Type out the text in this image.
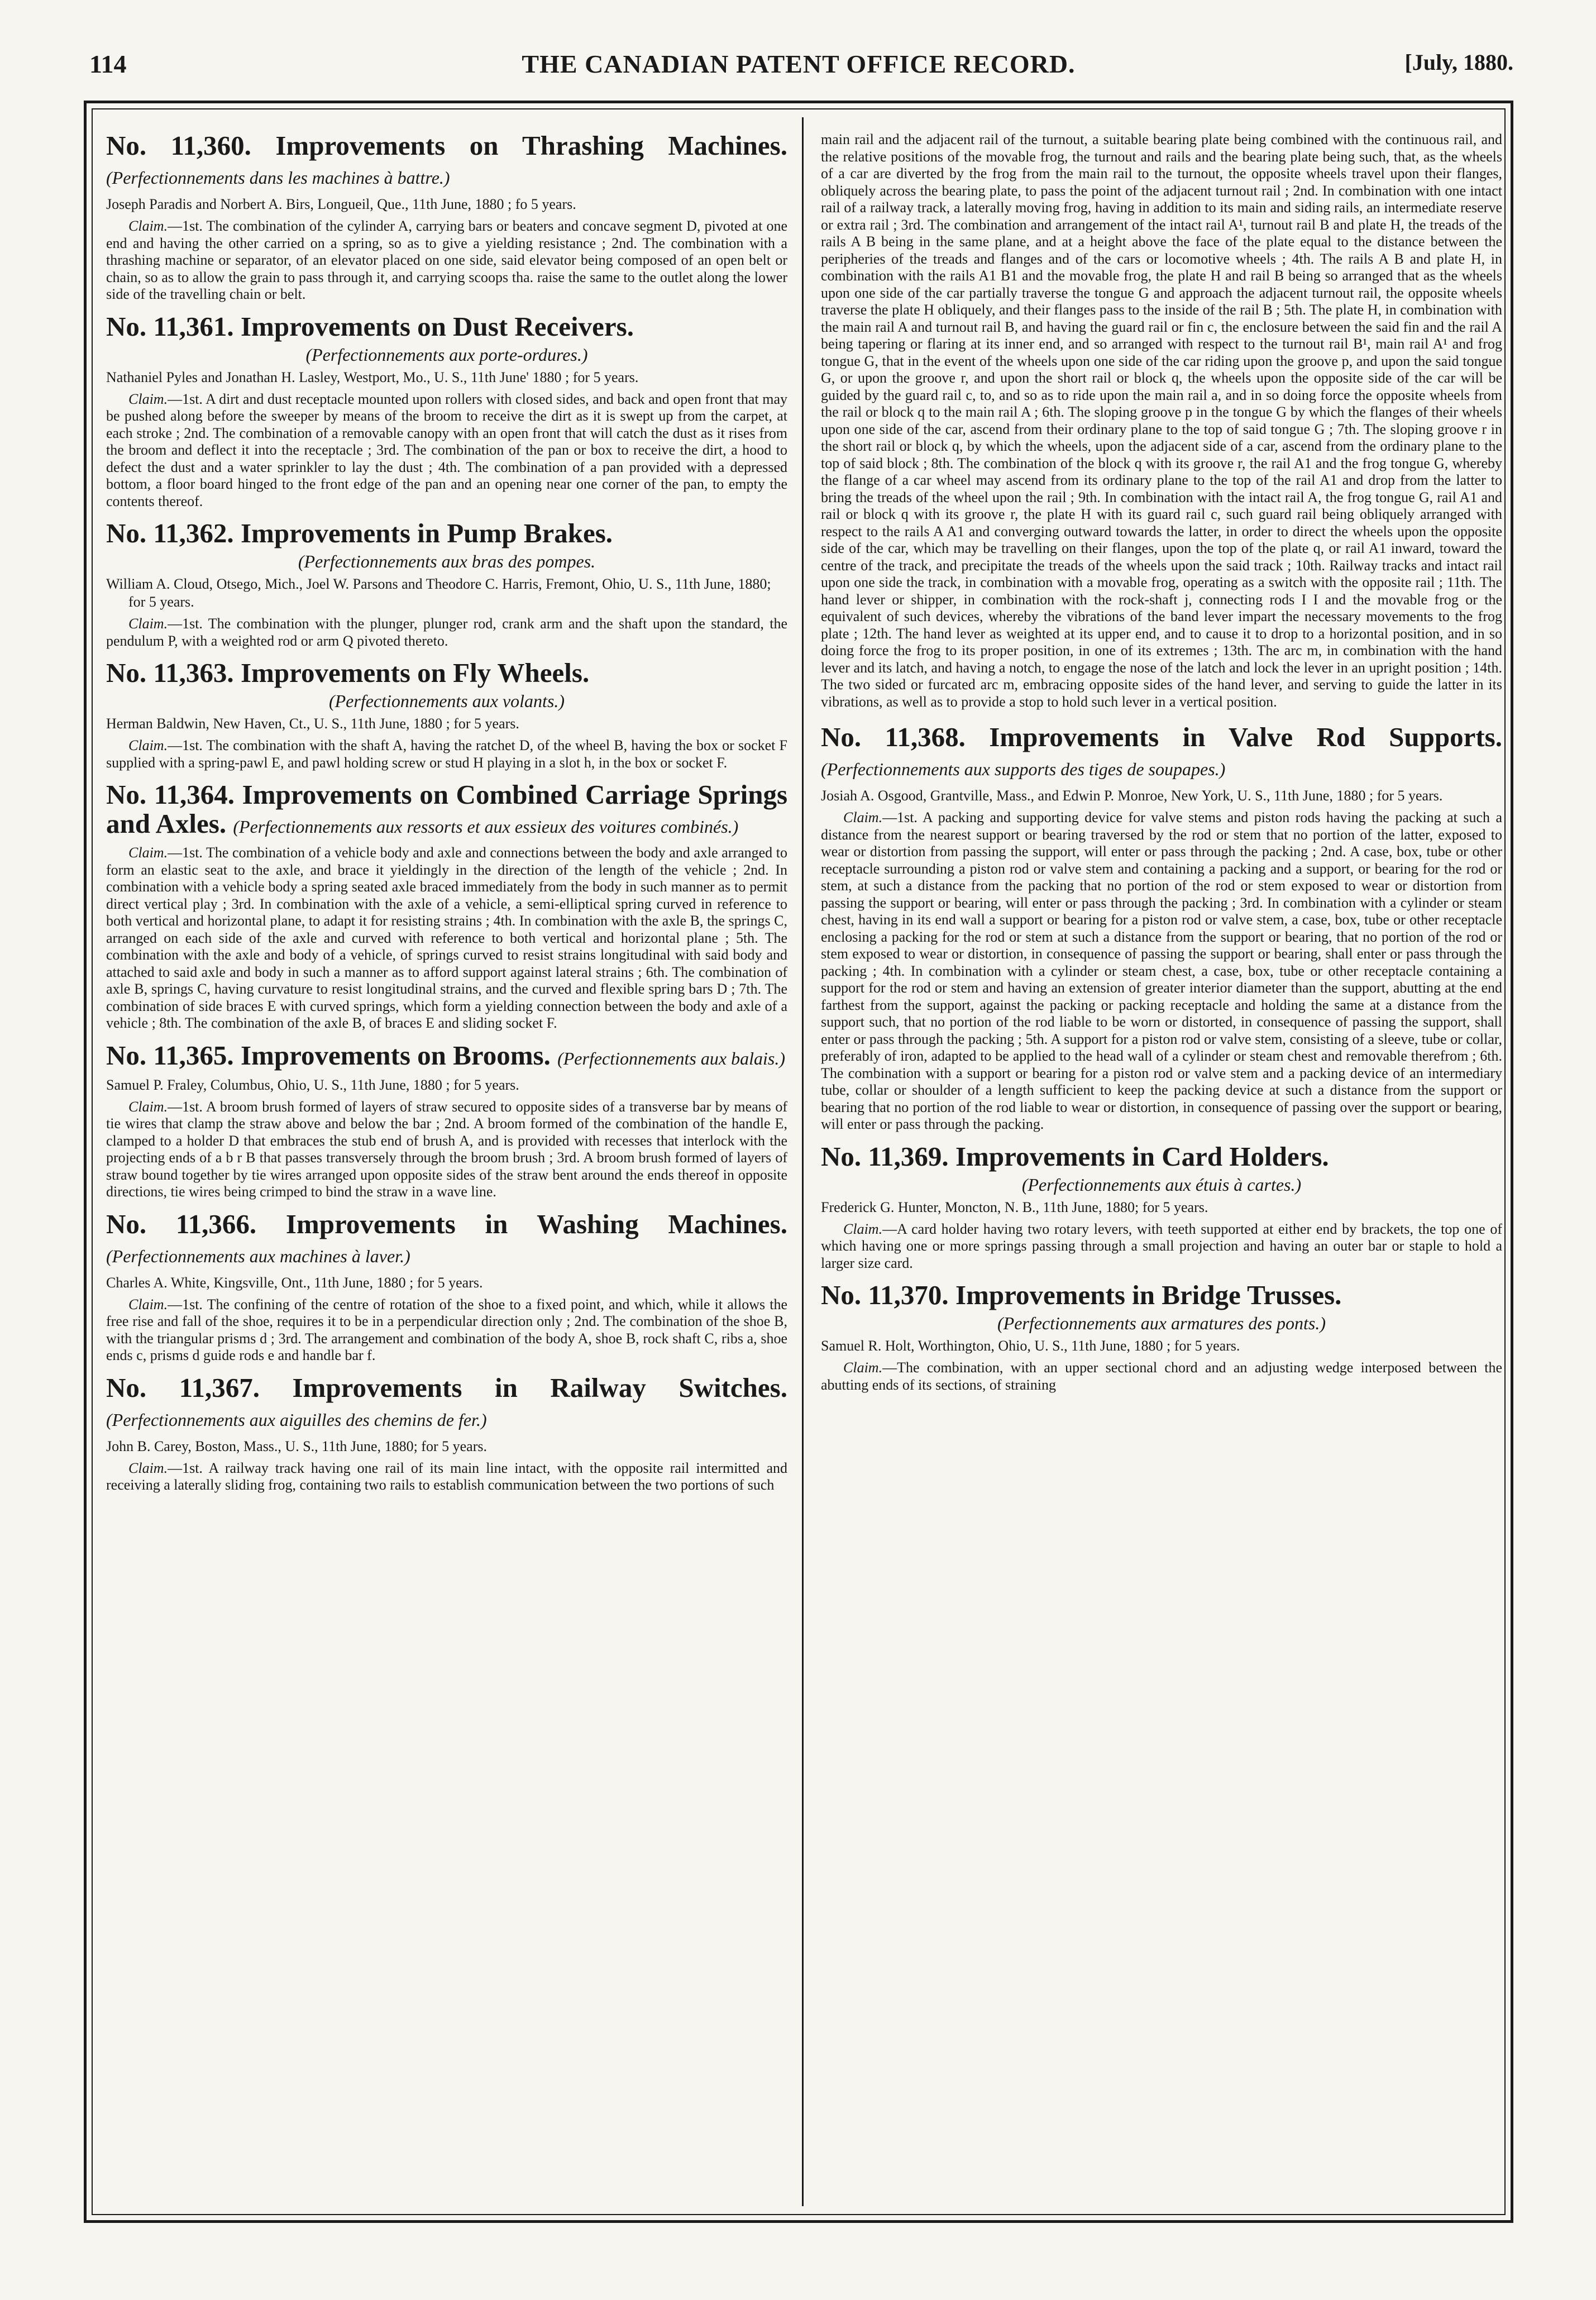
114	THE CANADIAN PATENT OFFICE RECORD.	[July, 1880.
No. 11,360. Improvements on Thrashing Machines. (Perfectionnements dans les machines à battre.)

Joseph Paradis and Norbert A. Birs, Longueil, Que., 11th June, 1880 ; fo 5 years.

Claim.—1st. The combination of the cylinder A, carrying bars or beaters and concave segment D, pivoted at one end and having the other carried on a spring, so as to give a yielding resistance ; 2nd. The combination with a thrashing machine or separator, of an elevator placed on one side, said elevator being composed of an open belt or chain, so as to allow the grain to pass through it, and carrying scoops tha. raise the same to the outlet along the lower side of the travelling chain or belt.

No. 11,361. Improvements on Dust Receivers.
(Perfectionnements aux porte-ordures.)

Nathaniel Pyles and Jonathan H. Lasley, Westport, Mo., U. S., 11th June' 1880 ; for 5 years.

Claim.—1st. A dirt and dust receptacle mounted upon rollers with closed sides, and back and open front that may be pushed along before the sweeper by means of the broom to receive the dirt as it is swept up from the carpet, at each stroke ; 2nd. The combination of a removable canopy with an open front that will catch the dust as it rises from the broom and deflect it into the receptacle ; 3rd. The combination of the pan or box to receive the dirt, a hood to defect the dust and a water sprinkler to lay the dust ; 4th. The combination of a pan provided with a depressed bottom, a floor board hinged to the front edge of the pan and an opening near one corner of the pan, to empty the contents thereof.

No. 11,362. Improvements in Pump Brakes.
(Perfectionnements aux bras des pompes.

William A. Cloud, Otsego, Mich., Joel W. Parsons and Theodore C. Harris, Fremont, Ohio, U. S., 11th June, 1880; for 5 years.

Claim.—1st. The combination with the plunger, plunger rod, crank arm and the shaft upon the standard, the pendulum P, with a weighted rod or arm Q pivoted thereto.

No. 11,363. Improvements on Fly Wheels.
(Perfectionnements aux volants.)

Herman Baldwin, New Haven, Ct., U. S., 11th June, 1880 ; for 5 years.

Claim.—1st. The combination with the shaft A, having the ratchet D, of the wheel B, having the box or socket F supplied with a spring-pawl E, and pawl holding screw or stud H playing in a slot h, in the box or socket F.

No. 11,364. Improvements on Combined Carriage Springs and Axles. (Perfectionnements aux ressorts et aux essieux des voitures combinés.)

Claim.—1st. The combination of a vehicle body and axle and connections between the body and axle arranged to form an elastic seat to the axle, and brace it yieldingly in the direction of the length of the vehicle ; 2nd. In combination with a vehicle body a spring seated axle braced immediately from the body in such manner as to permit direct vertical play ; 3rd. In combination with the axle of a vehicle, a semi-elliptical spring curved in reference to both vertical and horizontal plane, to adapt it for resisting strains ; 4th. In combination with the axle B, the springs C, arranged on each side of the axle and curved with reference to both vertical and horizontal plane ; 5th. The combination with the axle and body of a vehicle, of springs curved to resist strains longitudinal with said body and attached to said axle and body in such a manner as to afford support against lateral strains ; 6th. The combination of axle B, springs C, having curvature to resist longitudinal strains, and the curved and flexible spring bars D ; 7th. The combination of side braces E with curved springs, which form a yielding connection between the body and axle of a vehicle ; 8th. The combination of the axle B, of braces E and sliding socket F.

No. 11,365. Improvements on Brooms. (Perfectionnements aux balais.)

Samuel P. Fraley, Columbus, Ohio, U. S., 11th June, 1880 ; for 5 years.

Claim.—1st. A broom brush formed of layers of straw secured to opposite sides of a transverse bar by means of tie wires that clamp the straw above and below the bar ; 2nd. A broom formed of the combination of the handle E, clamped to a holder D that embraces the stub end of brush A, and is provided with recesses that interlock with the projecting ends of a b r B that passes transversely through the broom brush ; 3rd. A broom brush formed of layers of straw bound together by tie wires arranged upon opposite sides of the straw bent around the ends thereof in opposite directions, tie wires being crimped to bind the straw in a wave line.

No. 11,366. Improvements in Washing Machines. (Perfectionnements aux machines à laver.)

Charles A. White, Kingsville, Ont., 11th June, 1880 ; for 5 years.

Claim.—1st. The confining of the centre of rotation of the shoe to a fixed point, and which, while it allows the free rise and fall of the shoe, requires it to be in a perpendicular direction only ; 2nd. The combination of the shoe B, with the triangular prisms d ; 3rd. The arrangement and combination of the body A, shoe B, rock shaft C, ribs a, shoe ends c, prisms d guide rods e and handle bar f.

No. 11,367. Improvements in Railway Switches. (Perfectionnements aux aiguilles des chemins de fer.)

John B. Carey, Boston, Mass., U. S., 11th June, 1880; for 5 years.

Claim.—1st. A railway track having one rail of its main line intact, with the opposite rail intermitted and receiving a laterally sliding frog, containing two rails to establish communication between the two portions of such

main rail and the adjacent rail of the turnout, a suitable bearing plate being combined with the continuous rail, and the relative positions of the movable frog, the turnout and rails and the bearing plate being such, that, as the wheels of a car are diverted by the frog from the main rail to the turnout, the opposite wheels travel upon their flanges, obliquely across the bearing plate, to pass the point of the adjacent turnout rail ; 2nd. In combination with one intact rail of a railway track, a laterally moving frog, having in addition to its main and siding rails, an intermediate reserve or extra rail ; 3rd. The combination and arrangement of the intact rail A¹, turnout rail B and plate H, the treads of the rails A B being in the same plane, and at a height above the face of the plate equal to the distance between the peripheries of the treads and flanges and of the cars or locomotive wheels ; 4th. The rails A B and plate H, in combination with the rails A1 B1 and the movable frog, the plate H and rail B being so arranged that as the wheels upon one side of the car partially traverse the tongue G and approach the adjacent turnout rail, the opposite wheels traverse the plate H obliquely, and their flanges pass to the inside of the rail B ; 5th. The plate H, in combination with the main rail A and turnout rail B, and having the guard rail or fin c, the enclosure between the said fin and the rail A being tapering or flaring at its inner end, and so arranged with respect to the turnout rail B¹, main rail A¹ and frog tongue G, that in the event of the wheels upon one side of the car riding upon the groove p, and upon the said tongue G, or upon the groove r, and upon the short rail or block q, the wheels upon the opposite side of the car will be guided by the guard rail c, to, and so as to ride upon the main rail a, and in so doing force the opposite wheels from the rail or block q to the main rail A ; 6th. The sloping groove p in the tongue G by which the flanges of their wheels upon one side of the car, ascend from their ordinary plane to the top of said tongue G ; 7th. The sloping groove r in the short rail or block q, by which the wheels, upon the adjacent side of a car, ascend from the ordinary plane to the top of said block ; 8th. The combination of the block q with its groove r, the rail A1 and the frog tongue G, whereby the flange of a car wheel may ascend from its ordinary plane to the top of the rail A1 and drop from the latter to bring the treads of the wheel upon the rail ; 9th. In combination with the intact rail A, the frog tongue G, rail A1 and rail or block q with its groove r, the plate H with its guard rail c, such guard rail being obliquely arranged with respect to the rails A A1 and converging outward towards the latter, in order to direct the wheels upon the opposite side of the car, which may be travelling on their flanges, upon the top of the plate q, or rail A1 inward, toward the centre of the track, and precipitate the treads of the wheels upon the said track ; 10th. Railway tracks and intact rail upon one side the track, in combination with a movable frog, operating as a switch with the opposite rail ; 11th. The hand lever or shipper, in combination with the rock-shaft j, connecting rods I I and the movable frog or the equivalent of such devices, whereby the vibrations of the band lever impart the necessary movements to the frog plate ; 12th. The hand lever as weighted at its upper end, and to cause it to drop to a horizontal position, and in so doing force the frog to its proper position, in one of its extremes ; 13th. The arc m, in combination with the hand lever and its latch, and having a notch, to engage the nose of the latch and lock the lever in an upright position ; 14th. The two sided or furcated arc m, embracing opposite sides of the hand lever, and serving to guide the latter in its vibrations, as well as to provide a stop to hold such lever in a vertical position.

No. 11,368. Improvements in Valve Rod Supports. (Perfectionnements aux supports des tiges de soupapes.)

Josiah A. Osgood, Grantville, Mass., and Edwin P. Monroe, New York, U. S., 11th June, 1880 ; for 5 years.

Claim.—1st. A packing and supporting device for valve stems and piston rods having the packing at such a distance from the nearest support or bearing traversed by the rod or stem that no portion of the latter, exposed to wear or distortion from passing the support, will enter or pass through the packing ; 2nd. A case, box, tube or other receptacle surrounding a piston rod or valve stem and containing a packing and a support, or bearing for the rod or stem, at such a distance from the packing that no portion of the rod or stem exposed to wear or distortion from passing the support or bearing, will enter or pass through the packing ; 3rd. In combination with a cylinder or steam chest, having in its end wall a support or bearing for a piston rod or valve stem, a case, box, tube or other receptacle enclosing a packing for the rod or stem at such a distance from the support or bearing, that no portion of the rod or stem exposed to wear or distortion, in consequence of passing the support or bearing, shall enter or pass through the packing ; 4th. In combination with a cylinder or steam chest, a case, box, tube or other receptacle containing a support for the rod or stem and having an extension of greater interior diameter than the support, abutting at the end farthest from the support, against the packing or packing receptacle and holding the same at a distance from the support such, that no portion of the rod liable to be worn or distorted, in consequence of passing the support, shall enter or pass through the packing ; 5th. A support for a piston rod or valve stem, consisting of a sleeve, tube or collar, preferably of iron, adapted to be applied to the head wall of a cylinder or steam chest and removable therefrom ; 6th. The combination with a support or bearing for a piston rod or valve stem and a packing device of an intermediary tube, collar or shoulder of a length sufficient to keep the packing device at such a distance from the support or bearing that no portion of the rod liable to wear or distortion, in consequence of passing over the support or bearing, will enter or pass through the packing.

No. 11,369. Improvements in Card Holders.
(Perfectionnements aux étuis à cartes.)

Frederick G. Hunter, Moncton, N. B., 11th June, 1880; for 5 years.

Claim.—A card holder having two rotary levers, with teeth supported at either end by brackets, the top one of which having one or more springs passing through a small projection and having an outer bar or staple to hold a larger size card.

No. 11,370. Improvements in Bridge Trusses.
(Perfectionnements aux armatures des ponts.)

Samuel R. Holt, Worthington, Ohio, U. S., 11th June, 1880 ; for 5 years.

Claim.—The combination, with an upper sectional chord and an adjusting wedge interposed between the abutting ends of its sections, of straining
